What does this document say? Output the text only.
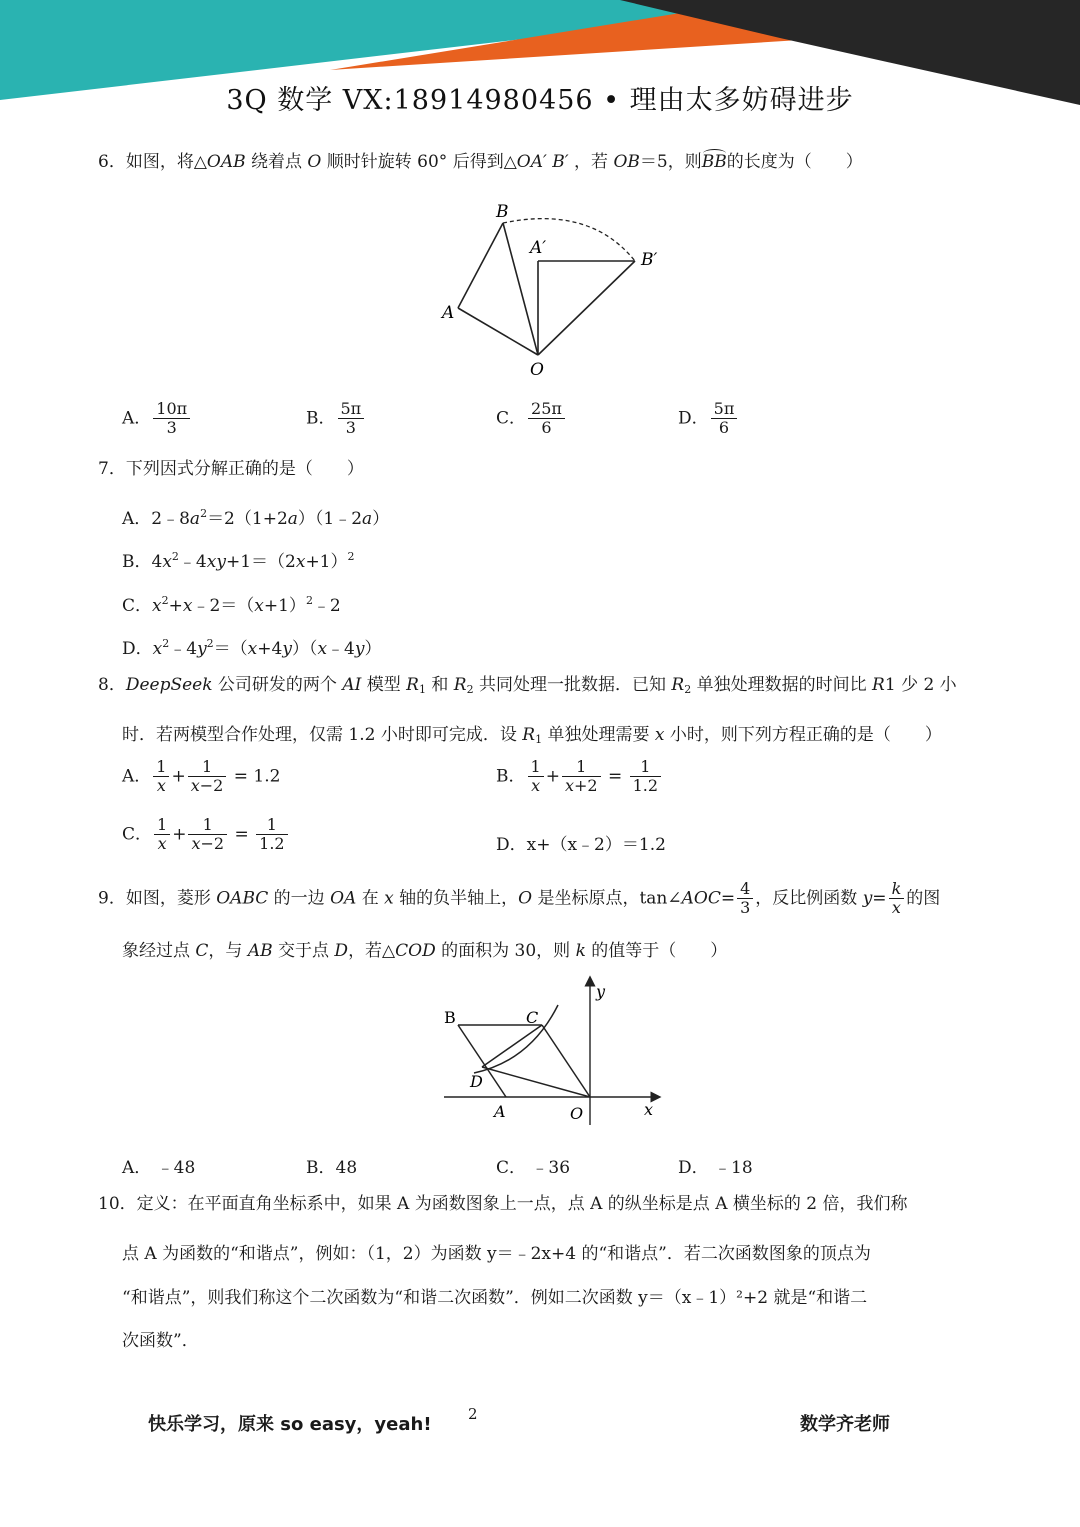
3Q 数学 VX:18914980456 • 理由太多妨碍进步
6．如图，将△OAB 绕着点 O 顺时针旋转 60° 后得到△OA′ B′ ，若 OB＝5，则BB的长度为（　　）
B
A′
B′
A
O
A． $\frac{10\pi}{3}$	B． $\frac{5\pi}{3}$	C． $\frac{25\pi}{6}$	D． $\frac{5\pi}{6}$
7．下列因式分解正确的是（　　）
A．$2﹣8a^2=2(1+2a)(1﹣2a)$
B．$4x^2﹣4xy+1=(2x+1)^2$
C．$x^2+x﹣2=(x+1)^2﹣2$
D．$x^2﹣4y^2=(x+4y)(x﹣4y)$
8．DeepSeek 公司研发的两个 AI 模型 $R_1$ 和 $R_2$ 共同处理一批数据．已知 $R_2$ 单独处理数据的时间比 R1 少 2 小
时．若两模型合作处理，仅需 1.2 小时即可完成．设 $R_1$ 单独处理需要 x 小时，则下列方程正确的是（　　）
A． $\frac{1}{x} + \frac{1}{x-2} = 1.2$	B． $\frac{1}{x} + \frac{1}{x+2} = \frac{1}{1.2}$
C． $\frac{1}{x} + \frac{1}{x-2} = \frac{1}{1.2}$	D．x+（x﹣2）＝1.2
9．如图，菱形 OABC 的一边 OA 在 x 轴的负半轴上，O 是坐标原点，tan∠AOC= $\frac{4}{3}$ ，反比例函数 $y= \frac{k}{x}$ 的图
象经过点 C，与 AB 交于点 D，若△COD 的面积为 30，则 k 的值等于（　　）
B	C
D
A	O	x
y
A． ﹣48	B．48	C． ﹣36	D． ﹣18
10．定义：在平面直角坐标系中，如果 A 为函数图象上一点，点 A 的纵坐标是点 A 横坐标的 2 倍，我们称
点 A 为函数的“和谐点”，例如：（1，2）为函数 y＝﹣2x+4 的“和谐点”．若二次函数图象的顶点为
“和谐点”，则我们称这个二次函数为“和谐二次函数”．例如二次函数 y＝（x﹣1）²+2 就是“和谐二
次函数”．
快乐学习，原来 so easy，yeah! 2	数学齐老师
